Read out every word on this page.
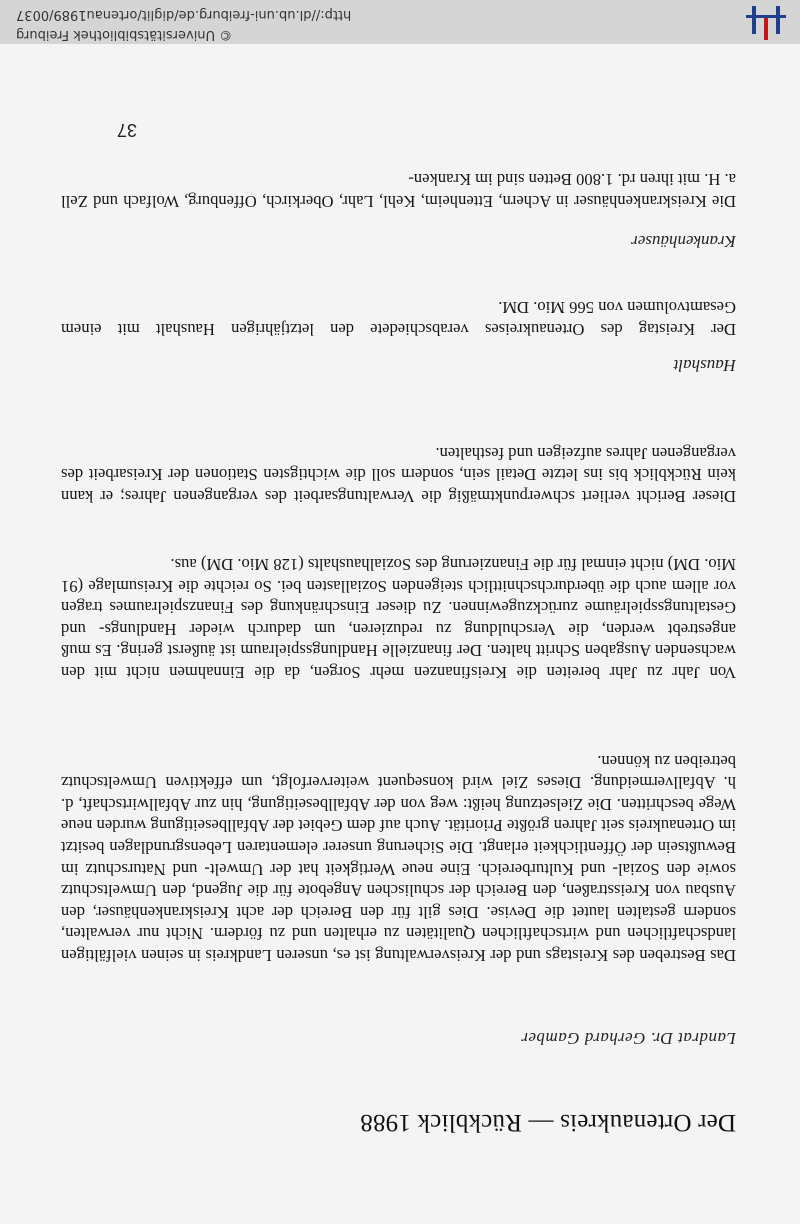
Der Ortenaukreis — Rückblick 1988
Landrat Dr. Gerhard Gamber

Das Bestreben des Kreistags und der Kreisverwaltung ist es, unseren Landkreis in seinen vielfältigen landschaftlichen und wirtschaftlichen Qualitäten zu erhalten und zu fördern. Nicht nur verwalten, sondern gestalten lautet die Devise. Dies gilt für den Bereich der acht Kreiskrankenhäuser, den Ausbau von Kreisstraßen, den Bereich der schulischen Angebote für die Jugend, den Umweltschutz sowie den Sozial- und Kulturbereich. Eine neue Wertigkeit hat der Umwelt- und Naturschutz im Bewußtsein der Öffentlichkeit erlangt. Die Sicherung unserer elementaren Lebensgrundlagen besitzt im Ortenaukreis seit Jahren größte Priorität. Auch auf dem Gebiet der Abfallbeseitigung wurden neue Wege beschritten. Die Zielsetzung heißt: weg von der Abfallbeseitigung, hin zur Abfallwirtschaft, d. h. Abfallvermeidung. Dieses Ziel wird konsequent weiterverfolgt, um effektiven Umweltschutz betreiben zu können.

Von Jahr zu Jahr bereiten die Kreisfinanzen mehr Sorgen, da die Einnahmen nicht mit den wachsenden Ausgaben Schritt halten. Der finanzielle Handlungsspielraum ist äußerst gering. Es muß angestrebt werden, die Verschuldung zu reduzieren, um dadurch wieder Handlungs- und Gestaltungsspielräume zurückzugewinnen. Zu dieser Einschränkung des Finanzspielraumes tragen vor allem auch die überdurchschnittlich steigenden Soziallasten bei. So reichte die Kreisumlage (91 Mio. DM) nicht einmal für die Finanzierung des Sozialhaushalts (128 Mio. DM) aus.

Dieser Bericht verliert schwerpunktmäßig die Verwaltungsarbeit des vergangenen Jahres; er kann kein Rückblick bis ins letzte Detail sein, sondern soll die wichtigsten Stationen der Kreisarbeit des vergangenen Jahres aufzeigen und festhalten.

Haushalt

Der Kreistag des Ortenaukreises verabschiedete den letztjährigen Haushalt mit einem Gesamtvolumen von 566 Mio. DM.

Krankenhäuser

Die Kreiskrankenhäuser in Achern, Ettenheim, Kehl, Lahr, Oberkirch, Offenburg, Wolfach und Zell a. H. mit ihren rd. 1.800 Betten sind im Kranken-

37
© Universitätsbibliothek Freiburg
http://dl.ub.uni-freiburg.de/diglit/ortenau1989/0037
